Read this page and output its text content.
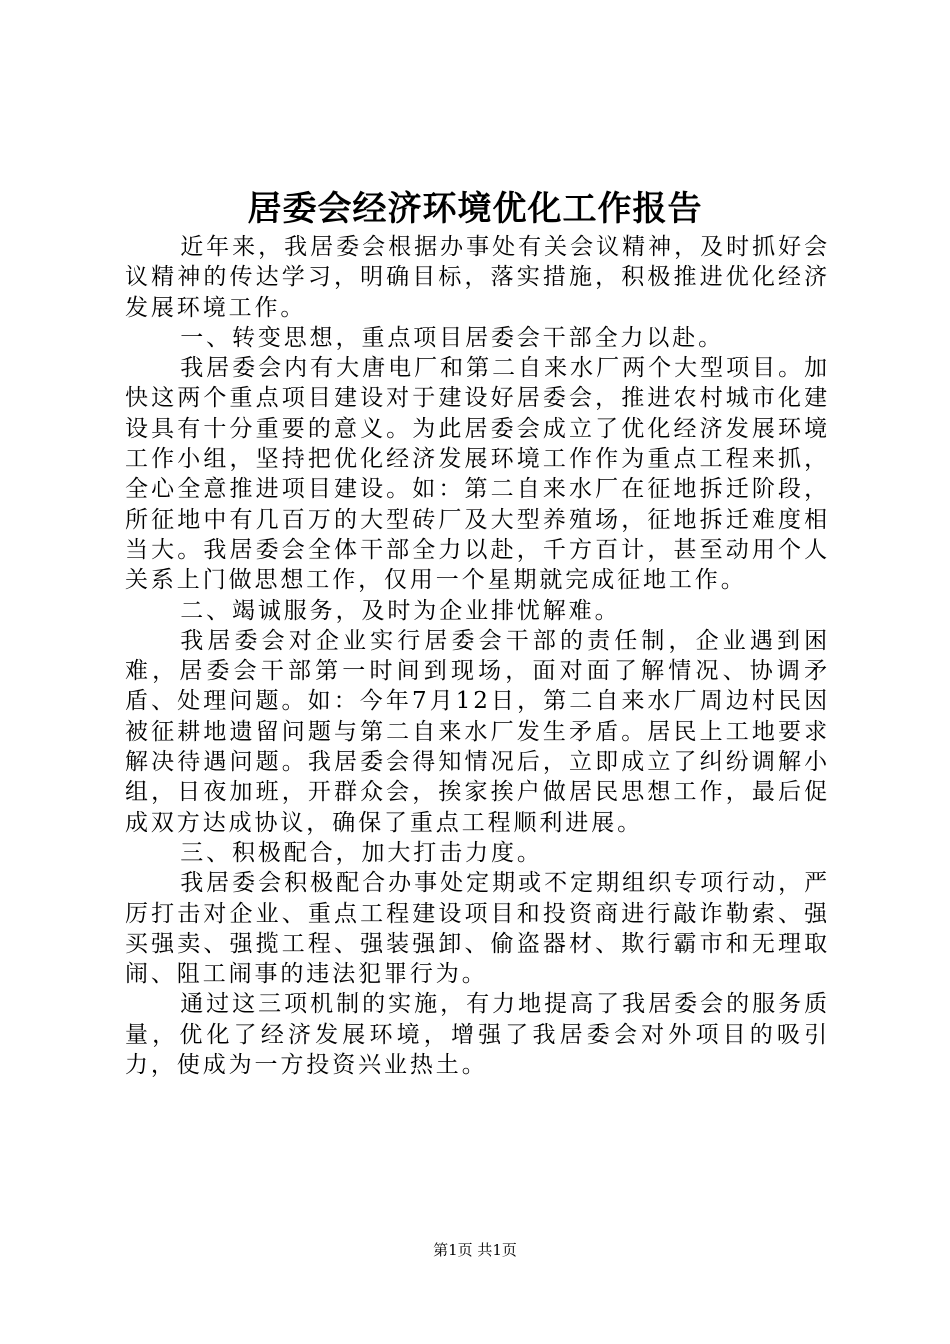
居委会经济环境优化工作报告

近年来，我居委会根据办事处有关会议精神，及时抓好会议精神的传达学习，明确目标，落实措施，积极推进优化经济发展环境工作。

一、转变思想，重点项目居委会干部全力以赴。

我居委会内有大唐电厂和第二自来水厂两个大型项目。加快这两个重点项目建设对于建设好居委会，推进农村城市化建设具有十分重要的意义。为此居委会成立了优化经济发展环境工作小组，坚持把优化经济发展环境工作作为重点工程来抓，全心全意推进项目建设。如：第二自来水厂在征地拆迁阶段，所征地中有几百万的大型砖厂及大型养殖场，征地拆迁难度相当大。我居委会全体干部全力以赴，千方百计，甚至动用个人关系上门做思想工作，仅用一个星期就完成征地工作。

二、竭诚服务，及时为企业排忧解难。

我居委会对企业实行居委会干部的责任制，企业遇到困难，居委会干部第一时间到现场，面对面了解情况、协调矛盾、处理问题。如：今年7月12日，第二自来水厂周边村民因被征耕地遗留问题与第二自来水厂发生矛盾。居民上工地要求解决待遇问题。我居委会得知情况后，立即成立了纠纷调解小组，日夜加班，开群众会，挨家挨户做居民思想工作，最后促成双方达成协议，确保了重点工程顺利进展。

三、积极配合，加大打击力度。

我居委会积极配合办事处定期或不定期组织专项行动，严厉打击对企业、重点工程建设项目和投资商进行敲诈勒索、强买强卖、强揽工程、强装强卸、偷盗器材、欺行霸市和无理取闹、阻工闹事的违法犯罪行为。

通过这三项机制的实施，有力地提高了我居委会的服务质量，优化了经济发展环境，增强了我居委会对外项目的吸引力，使成为一方投资兴业热土。

第1页 共1页
